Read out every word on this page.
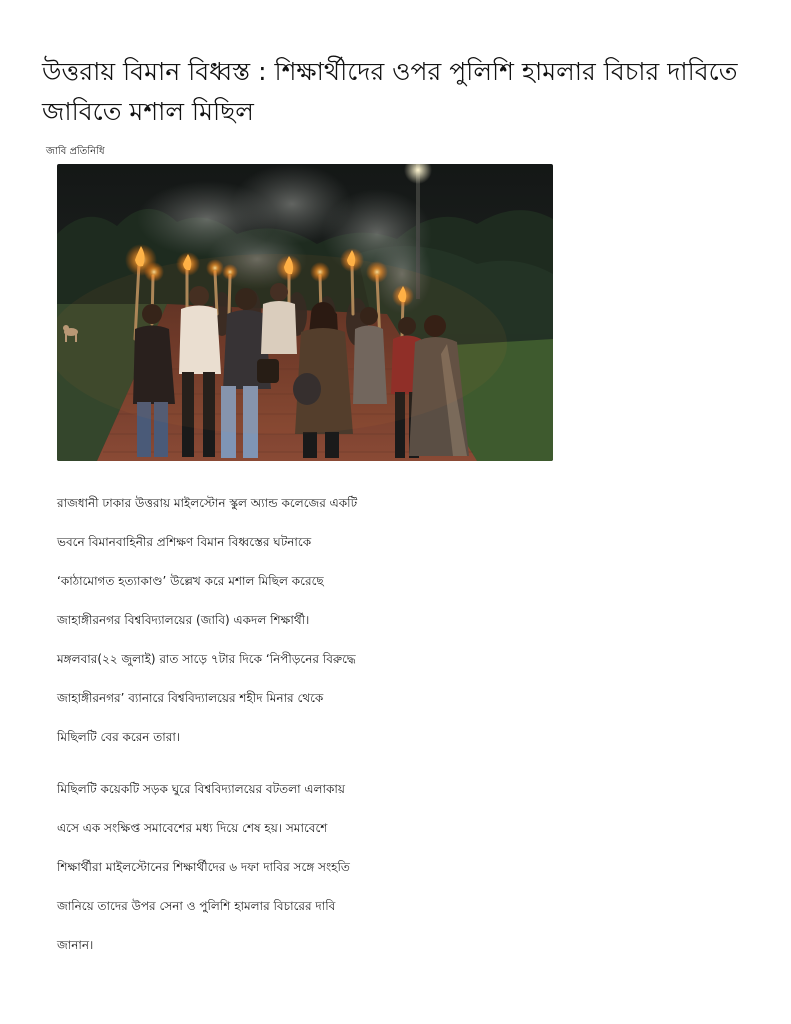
উত্তরায় বিমান বিধ্বস্ত : শিক্ষার্থীদের ওপর পুলিশি হামলার বিচার দাবিতে
জাবিতে মশাল মিছিল

জাবি প্রতিনিধি

রাজধানী ঢাকার উত্তরায় মাইলস্টোন স্কুল অ্যান্ড কলেজের একটি
ভবনে বিমানবাহিনীর প্রশিক্ষণ বিমান বিধ্বস্তের ঘটনাকে
‘কাঠামোগত হত্যাকাণ্ড’ উল্লেখ করে মশাল মিছিল করেছে
জাহাঙ্গীরনগর বিশ্ববিদ্যালয়ের (জাবি) একদল শিক্ষার্থী।
মঙ্গলবার(২২ জুলাই) রাত সাড়ে ৭টার দিকে ‘নিপীড়নের বিরুদ্ধে
জাহাঙ্গীরনগর’ ব্যানারে বিশ্ববিদ্যালয়ের শহীদ মিনার থেকে
মিছিলটি বের করেন তারা।

মিছিলটি কয়েকটি সড়ক ঘুরে বিশ্ববিদ্যালয়ের বটতলা এলাকায়
এসে এক সংক্ষিপ্ত সমাবেশের মধ্য দিয়ে শেষ হয়। সমাবেশে
শিক্ষার্থীরা মাইলস্টোনের শিক্ষার্থীদের ৬ দফা দাবির সঙ্গে সংহতি
জানিয়ে তাদের উপর সেনা ও পুলিশি হামলার বিচারের দাবি
জানান।
